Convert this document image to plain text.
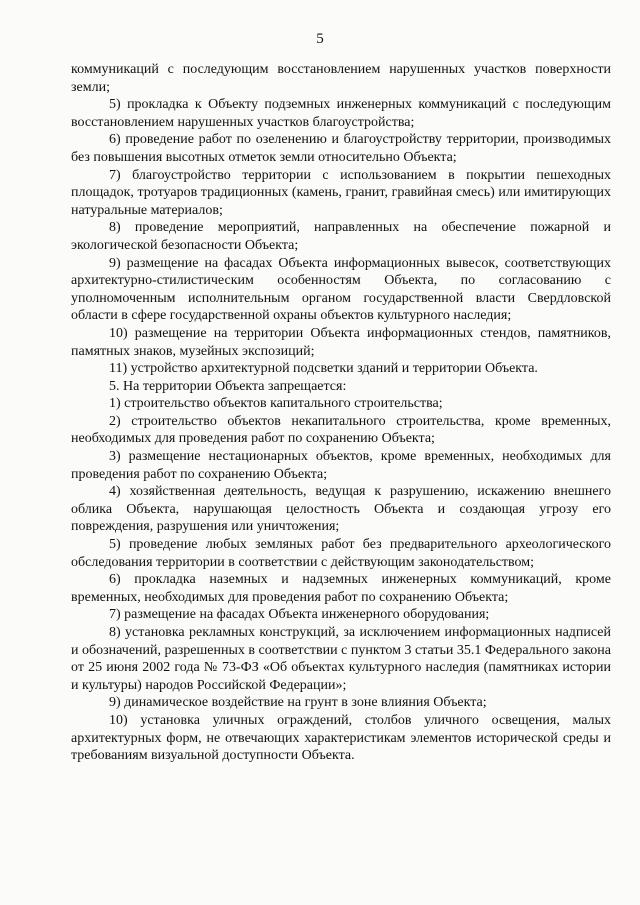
5

коммуникаций с последующим восстановлением нарушенных участков поверхности земли;

5) прокладка к Объекту подземных инженерных коммуникаций с последующим восстановлением нарушенных участков благоустройства;

6) проведение работ по озеленению и благоустройству территории, производимых без повышения высотных отметок земли относительно Объекта;

7) благоустройство территории с использованием в покрытии пешеходных площадок, тротуаров традиционных (камень, гранит, гравийная смесь) или имитирующих натуральные материалов;

8) проведение мероприятий, направленных на обеспечение пожарной и экологической безопасности Объекта;

9) размещение на фасадах Объекта информационных вывесок, соответствующих архитектурно-стилистическим особенностям Объекта, по согласованию с уполномоченным исполнительным органом государственной власти Свердловской области в сфере государственной охраны объектов культурного наследия;

10) размещение на территории Объекта информационных стендов, памятников, памятных знаков, музейных экспозиций;

11) устройство архитектурной подсветки зданий и территории Объекта.

5. На территории Объекта запрещается:

1) строительство объектов капитального строительства;

2) строительство объектов некапитального строительства, кроме временных, необходимых для проведения работ по сохранению Объекта;

3) размещение нестационарных объектов, кроме временных, необходимых для проведения работ по сохранению Объекта;

4) хозяйственная деятельность, ведущая к разрушению, искажению внешнего облика Объекта, нарушающая целостность Объекта и создающая угрозу его повреждения, разрушения или уничтожения;

5) проведение любых земляных работ без предварительного археологического обследования территории в соответствии с действующим законодательством;

6) прокладка наземных и надземных инженерных коммуникаций, кроме временных, необходимых для проведения работ по сохранению Объекта;

7) размещение на фасадах Объекта инженерного оборудования;

8) установка рекламных конструкций, за исключением информационных надписей и обозначений, разрешенных в соответствии с пунктом 3 статьи 35.1 Федерального закона от 25 июня 2002 года № 73-ФЗ «Об объектах культурного наследия (памятниках истории и культуры) народов Российской Федерации»;

9) динамическое воздействие на грунт в зоне влияния Объекта;

10) установка уличных ограждений, столбов уличного освещения, малых архитектурных форм, не отвечающих характеристикам элементов исторической среды и требованиям визуальной доступности Объекта.
